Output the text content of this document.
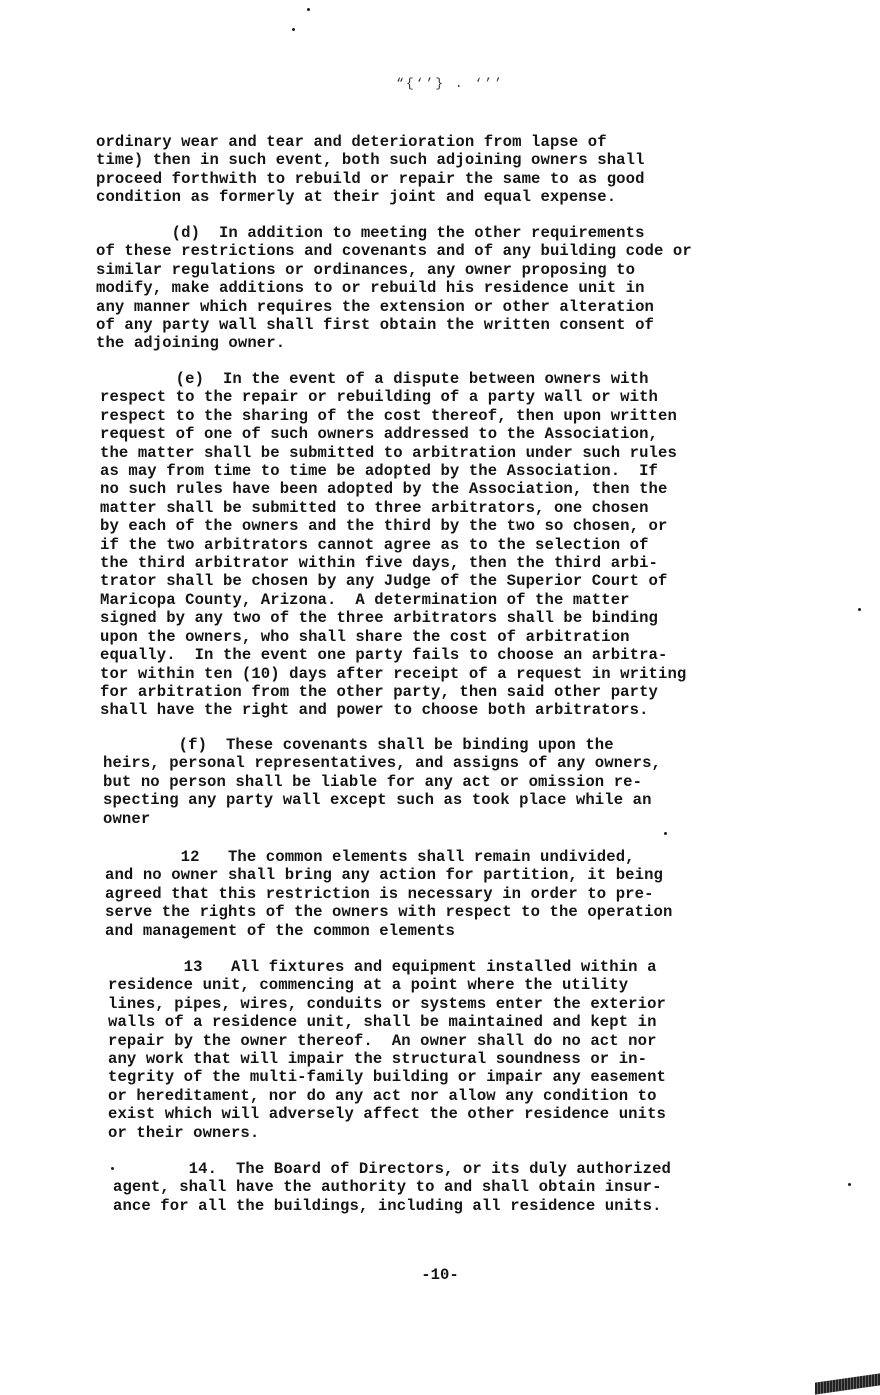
“{‘’} . ‘’’

ordinary wear and tear and deterioration from lapse of
time) then in such event, both such adjoining owners shall
proceed forthwith to rebuild or repair the same to as good
condition as formerly at their joint and equal expense.

(d)  In addition to meeting the other requirements
of these restrictions and covenants and of any building code or
similar regulations or ordinances, any owner proposing to
modify, make additions to or rebuild his residence unit in
any manner which requires the extension or other alteration
of any party wall shall first obtain the written consent of
the adjoining owner.

(e)  In the event of a dispute between owners with
respect to the repair or rebuilding of a party wall or with
respect to the sharing of the cost thereof, then upon written
request of one of such owners addressed to the Association,
the matter shall be submitted to arbitration under such rules
as may from time to time be adopted by the Association.  If
no such rules have been adopted by the Association, then the
matter shall be submitted to three arbitrators, one chosen
by each of the owners and the third by the two so chosen, or
if the two arbitrators cannot agree as to the selection of
the third arbitrator within five days, then the third arbi-
trator shall be chosen by any Judge of the Superior Court of
Maricopa County, Arizona.  A determination of the matter
signed by any two of the three arbitrators shall be binding
upon the owners, who shall share the cost of arbitration
equally.  In the event one party fails to choose an arbitra-
tor within ten (10) days after receipt of a request in writing
for arbitration from the other party, then said other party
shall have the right and power to choose both arbitrators.

(f)  These covenants shall be binding upon the
heirs, personal representatives, and assigns of any owners,
but no person shall be liable for any act or omission re-
specting any party wall except such as took place while an
owner

12   The common elements shall remain undivided,
and no owner shall bring any action for partition, it being
agreed that this restriction is necessary in order to pre-
serve the rights of the owners with respect to the operation
and management of the common elements

13   All fixtures and equipment installed within a
residence unit, commencing at a point where the utility
lines, pipes, wires, conduits or systems enter the exterior
walls of a residence unit, shall be maintained and kept in
repair by the owner thereof.  An owner shall do no act nor
any work that will impair the structural soundness or in-
tegrity of the multi-family building or impair any easement
or hereditament, nor do any act nor allow any condition to
exist which will adversely affect the other residence units
or their owners.

14.  The Board of Directors, or its duly authorized
agent, shall have the authority to and shall obtain insur-
ance for all the buildings, including all residence units.

-10-
